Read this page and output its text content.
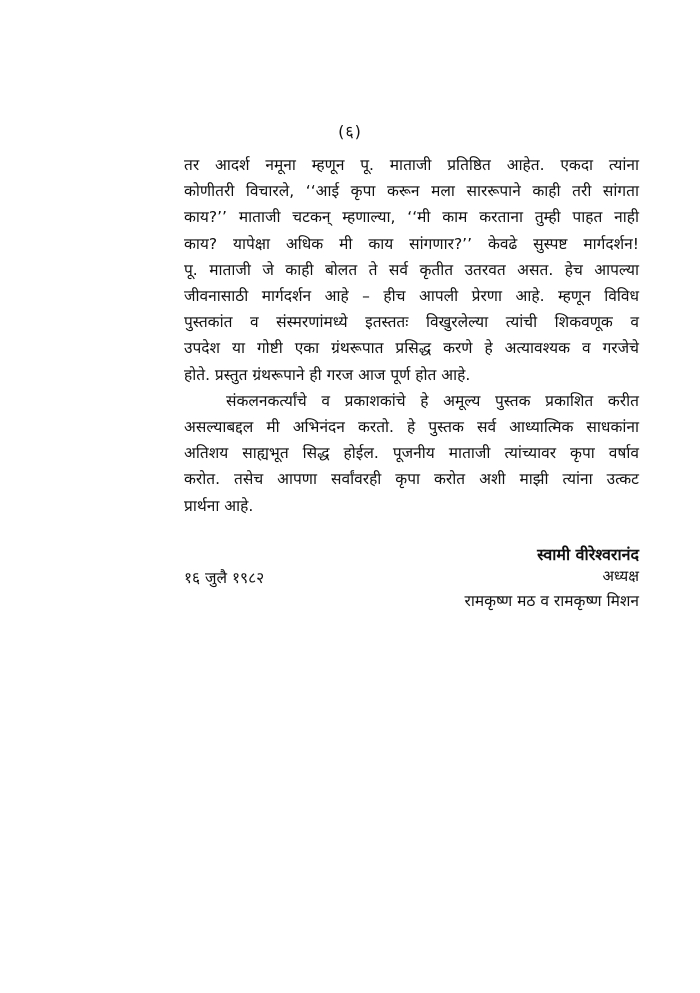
(६)
तर आदर्श नमूना म्हणून पू. माताजी प्रतिष्ठित आहेत. एकदा त्यांना
कोणीतरी विचारले, ‘‘आई कृपा करून मला साररूपाने काही तरी सांगता
काय?’’ माताजी चटकन् म्हणाल्या, ‘‘मी काम करताना तुम्ही पाहत नाही
काय? यापेक्षा अधिक मी काय सांगणार?’’ केवढे सुस्पष्ट मार्गदर्शन!
पू. माताजी जे काही बोलत ते सर्व कृतीत उतरवत असत. हेच आपल्या
जीवनासाठी मार्गदर्शन आहे – हीच आपली प्रेरणा आहे. म्हणून विविध
पुस्तकांत व संस्मरणांमध्ये इतस्ततः विखुरलेल्या त्यांची शिकवणूक व
उपदेश या गोष्टी एका ग्रंथरूपात प्रसिद्ध करणे हे अत्यावश्यक व गरजेचे
होते. प्रस्तुत ग्रंथरूपाने ही गरज आज पूर्ण होत आहे.
संकलनकर्त्यांचे व प्रकाशकांचे हे अमूल्य पुस्तक प्रकाशित करीत
असल्याबद्दल मी अभिनंदन करतो. हे पुस्तक सर्व आध्यात्मिक साधकांना
अतिशय साह्यभूत सिद्ध होईल. पूजनीय माताजी त्यांच्यावर कृपा वर्षाव
करोत. तसेच आपणा सर्वांवरही कृपा करोत अशी माझी त्यांना उत्कट
प्रार्थना आहे.
स्वामी वीरेश्वरानंद
१६ जुलै १९८२	अध्यक्ष
रामकृष्ण मठ व रामकृष्ण मिशन
